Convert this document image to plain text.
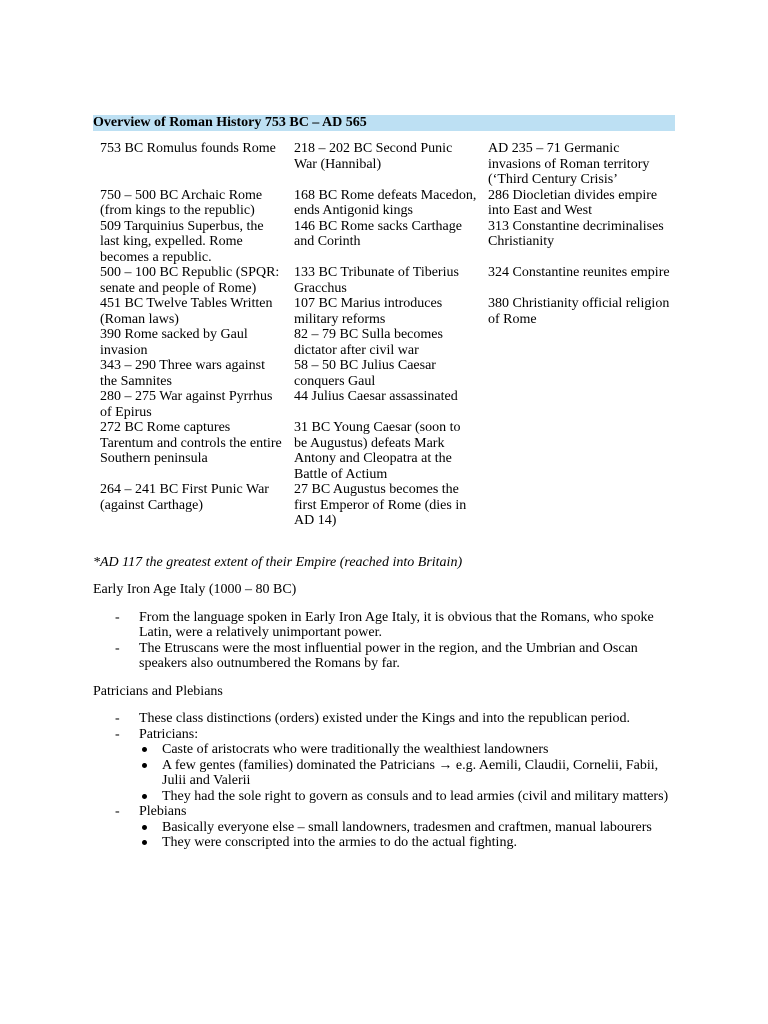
Overview of Roman History 753 BC – AD 565
753 BC Romulus founds Rome	218 – 202 BC Second Punic War (Hannibal)	AD 235 – 71 Germanic invasions of Roman territory (‘Third Century Crisis’
750 – 500 BC Archaic Rome (from kings to the republic)	168 BC Rome defeats Macedon, ends Antigonid kings	286 Diocletian divides empire into East and West
509 Tarquinius Superbus, the last king, expelled. Rome becomes a republic.	146 BC Rome sacks Carthage and Corinth	313 Constantine decriminalises Christianity
500 – 100 BC Republic (SPQR: senate and people of Rome)	133 BC Tribunate of Tiberius Gracchus	324 Constantine reunites empire
451 BC Twelve Tables Written (Roman laws)	107 BC Marius introduces military reforms	380 Christianity official religion of Rome
390 Rome sacked by Gaul invasion	82 – 79 BC Sulla becomes dictator after civil war	
343 – 290 Three wars against the Samnites	58 – 50 BC Julius Caesar conquers Gaul	
280 – 275 War against Pyrrhus of Epirus	44 Julius Caesar assassinated	
272 BC Rome captures Tarentum and controls the entire Southern peninsula	31 BC Young Caesar (soon to be Augustus) defeats Mark Antony and Cleopatra at the Battle of Actium	
264 – 241 BC First Punic War (against Carthage)	27 BC Augustus becomes the first Emperor of Rome (dies in AD 14)	
*AD 117 the greatest extent of their Empire (reached into Britain)
Early Iron Age Italy (1000 – 80 BC)
- From the language spoken in Early Iron Age Italy, it is obvious that the Romans, who spoke Latin, were a relatively unimportant power.
- The Etruscans were the most influential power in the region, and the Umbrian and Oscan speakers also outnumbered the Romans by far.
Patricians and Plebians
- These class distinctions (orders) existed under the Kings and into the republican period.
- Patricians:
Caste of aristocrats who were traditionally the wealthiest landowners
A few gentes (families) dominated the Patricians → e.g. Aemili, Claudii, Cornelii, Fabii, Julii and Valerii
They had the sole right to govern as consuls and to lead armies (civil and military matters)
- Plebians
Basically everyone else – small landowners, tradesmen and craftmen, manual labourers
They were conscripted into the armies to do the actual fighting.
